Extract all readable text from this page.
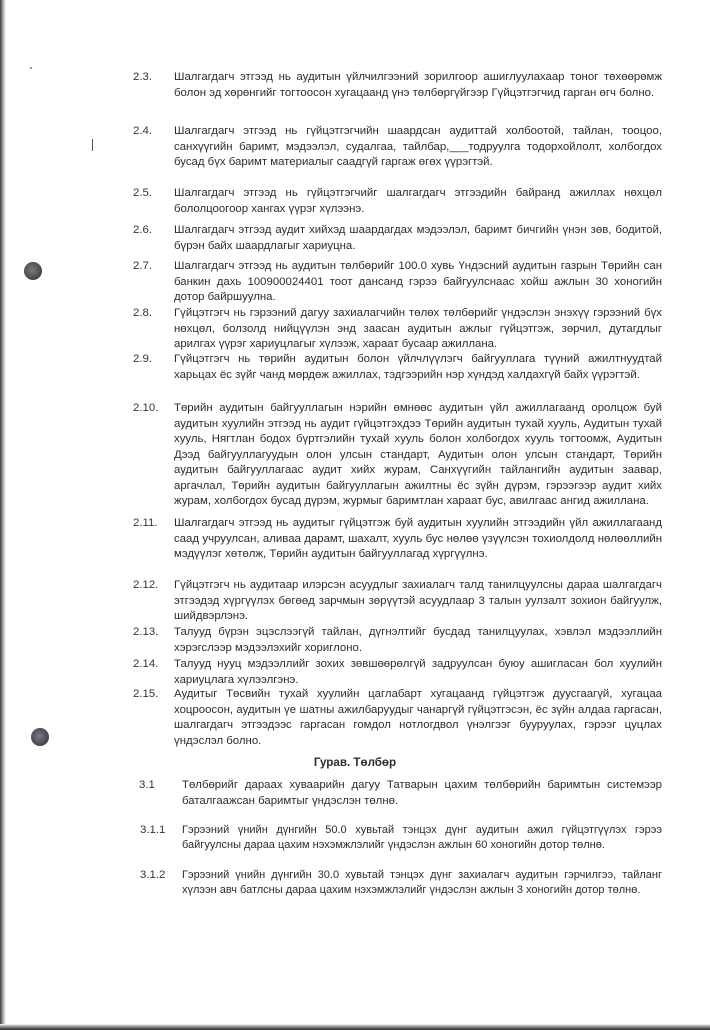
2.3.	Шалгагдагч этгээд нь аудитын үйлчилгээний зорилгоор ашиглуулахаар тоног төхөөрөмж болон эд хөрөнгийг тогтоосон хугацаанд үнэ төлбөргүйгээр Гүйцэтгэгчид гарган өгч болно.
2.4.	Шалгагдагч этгээд нь гүйцэтгэгчийн шаардсан аудиттай холбоотой, тайлан, тооцоо, санхүүгийн баримт, мэдээлэл, судалгаа, тайлбар,___тодруулга тодорхойлолт, холбогдох бусад бүх баримт материалыг саадгүй гаргаж өгөх үүрэгтэй.
2.5.	Шалгагдагч этгээд нь гүйцэтгэгчийг шалгагдагч этгээдийн байранд ажиллах нөхцөл бололцоогоор хангах үүрэг хүлээнэ.
2.6.	Шалгагдагч этгээд аудит хийхэд шаардагдах мэдээлэл, баримт бичгийн үнэн зөв, бодитой, бүрэн байх шаардлагыг хариуцна.
2.7.	Шалгагдагч этгээд нь аудитын төлбөрийг 100.0 хувь Үндэсний аудитын газрын Төрийн сан банкин дахь 100900024401 тоот дансанд гэрээ байгуулснаас хойш ажлын 30 хоногийн дотор байршуулна.
2.8.	Гүйцэтгэгч нь гэрээний дагуу захиалагчийн төлөх төлбөрийг үндэслэн энэхүү гэрээний бүх нөхцөл, болзолд нийцүүлэн энд заасан аудитын ажлыг гүйцэтгэж, зөрчил, дутагдлыг арилгах үүрэг хариуцлагыг хүлээж, хараат бусаар ажиллана.
2.9.	Гүйцэтгэгч нь төрийн аудитын болон үйлчлүүлэгч байгууллага түүний ажилтнуудтай харьцах ёс зүйг чанд мөрдөж ажиллах, тэдгээрийн нэр хүндэд халдахгүй байх үүрэгтэй.
2.10.	Төрийн аудитын байгууллагын нэрийн өмнөөс аудитын үйл ажиллагаанд оролцож буй аудитын хуулийн этгээд нь аудит гүйцэтгэхдээ Төрийн аудитын тухай хууль, Аудитын тухай хууль, Нягтлан бодох бүртгэлийн тухай хууль болон холбогдох хууль тогтоомж, Аудитын Дээд байгууллагуудын олон улсын стандарт, Аудитын олон улсын стандарт, Төрийн аудитын байгууллагаас аудит хийх журам, Санхүүгийн тайлангийн аудитын заавар, аргачлал, Төрийн аудитын байгууллагын ажилтны ёс зүйн дүрэм, гэрээгээр аудит хийх журам, холбогдох бусад дүрэм, журмыг баримтлан хараат бус, авилгаас ангид ажиллана.
2.11.	Шалгагдагч этгээд нь аудитыг гүйцэтгэж буй аудитын хуулийн этгээдийн үйл ажиллагаанд саад учруулсан, аливаа дарамт, шахалт, хууль бус нөлөө үзүүлсэн тохиолдолд нөлөөллийн мэдүүлэг хөтөлж, Төрийн аудитын байгууллагад хүргүүлнэ.
2.12.	Гүйцэтгэгч нь аудитаар илэрсэн асуудлыг захиалагч талд танилцуулсны дараа шалгагдагч этгээдэд хүргүүлэх бөгөөд зарчмын зөрүүтэй асуудлаар 3 талын уулзалт зохион байгуулж, шийдвэрлэнэ.
2.13.	Талууд бүрэн эцэслээгүй тайлан, дүгнэлтийг бусдад танилцуулах, хэвлэл мэдээллийн хэрэгслээр мэдээлэхийг хориглоно.
2.14.	Талууд нууц мэдээллийг зохих зөвшөөрөлгүй задруулсан буюу ашигласан бол хуулийн хариуцлага хүлээлгэнэ.
2.15.	Аудитыг Төсвийн тухай хуулийн цаглабарт хугацаанд гүйцэтгэж дуусгаагүй, хугацаа хоцроосон, аудитын үе шатны ажилбаруудыг чанаргүй гүйцэтгэсэн, ёс зүйн алдаа гаргасан, шалгагдагч этгээдээс гаргасан гомдол нотлогдвол үнэлгээг бууруулах, гэрээг цуцлах үндэслэл болно.
Гурав. Төлбөр
3.1	Төлбөрийг дараах хуваарийн дагуу Татварын цахим төлбөрийн баримтын системээр баталгаажсан баримтыг үндэслэн төлнө.
3.1.1	Гэрээний үнийн дүнгийн 50.0 хувьтай тэнцэх дүнг аудитын ажил гүйцэтгүүлэх гэрээ байгуулсны дараа цахим нэхэмжлэлийг үндэслэн ажлын 60 хоногийн дотор төлнө.
3.1.2	Гэрээний үнийн дүнгийн 30.0 хувьтай тэнцэх дүнг захиалагч аудитын гэрчилгээ, тайланг хүлээн авч батлсны дараа цахим нэхэмжлэлийг үндэслэн ажлын 3 хоногийн дотор төлнө.
